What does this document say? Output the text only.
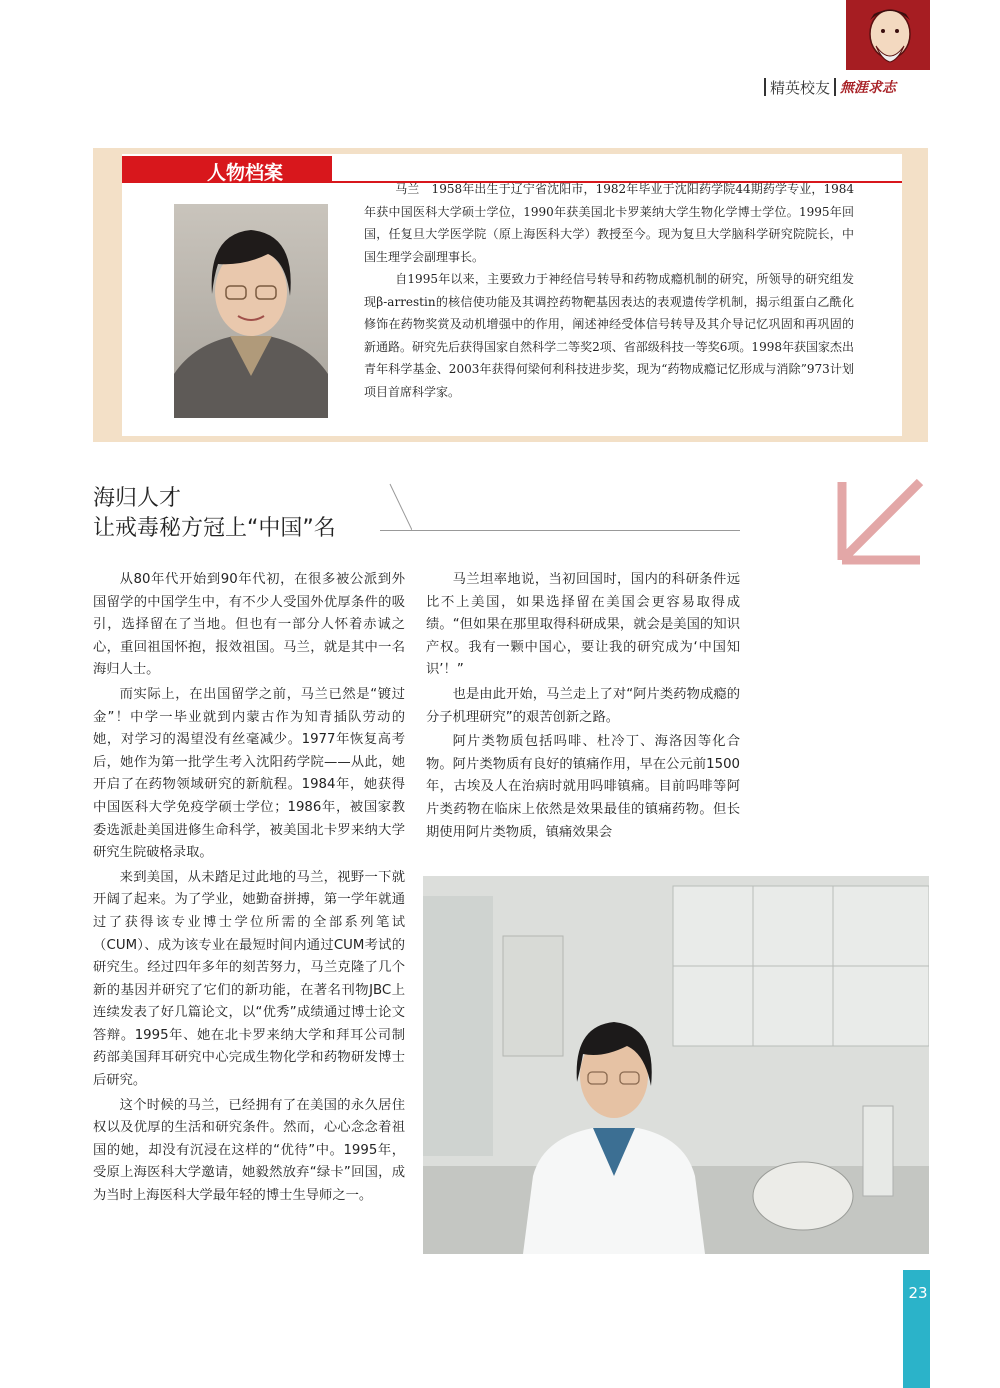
精英校友 無涯求志
人物档案

马兰　1958年出生于辽宁省沈阳市，1982年毕业于沈阳药学院44期药学专业，1984年获中国医科大学硕士学位，1990年获美国北卡罗莱纳大学生物化学博士学位。1995年回国，任复旦大学医学院（原上海医科大学）教授至今。现为复旦大学脑科学研究院院长，中国生理学会副理事长。

自1995年以来，主要致力于神经信号转导和药物成瘾机制的研究，所领导的研究组发现β-arrestin的核信使功能及其调控药物靶基因表达的表观遗传学机制，揭示组蛋白乙酰化修饰在药物奖赏及动机增强中的作用，阐述神经受体信号转导及其介导记忆巩固和再巩固的新通路。研究先后获得国家自然科学二等奖2项、省部级科技一等奖6项。1998年获国家杰出青年科学基金、2003年获得何梁何利科技进步奖，现为“药物成瘾记忆形成与消除”973计划项目首席科学家。

海归人才
让戒毒秘方冠上“中国”名

从80年代开始到90年代初，在很多被公派到外国留学的中国学生中，有不少人受国外优厚条件的吸引，选择留在了当地。但也有一部分人怀着赤诚之心，重回祖国怀抱，报效祖国。马兰，就是其中一名海归人士。

而实际上，在出国留学之前，马兰已然是“镀过金”！中学一毕业就到内蒙古作为知青插队劳动的她，对学习的渴望没有丝毫减少。1977年恢复高考后，她作为第一批学生考入沈阳药学院——从此，她开启了在药物领域研究的新航程。1984年，她获得中国医科大学免疫学硕士学位；1986年，被国家教委选派赴美国进修生命科学，被美国北卡罗来纳大学研究生院破格录取。

来到美国，从未踏足过此地的马兰，视野一下就开阔了起来。为了学业，她勤奋拼搏，第一学年就通过了获得该专业博士学位所需的全部系列笔试（CUM）、成为该专业在最短时间内通过CUM考试的研究生。经过四年多年的刻苦努力，马兰克隆了几个新的基因并研究了它们的新功能，在著名刊物JBC上连续发表了好几篇论文，以“优秀”成绩通过博士论文答辩。1995年、她在北卡罗来纳大学和拜耳公司制药部美国拜耳研究中心完成生物化学和药物研发博士后研究。

这个时候的马兰，已经拥有了在美国的永久居住权以及优厚的生活和研究条件。然而，心心念念着祖国的她，却没有沉浸在这样的“优待”中。1995年，受原上海医科大学邀请，她毅然放弃“绿卡”回国，成为当时上海医科大学最年轻的博士生导师之一。

马兰坦率地说，当初回国时，国内的科研条件远比不上美国，如果选择留在美国会更容易取得成绩。“但如果在那里取得科研成果，就会是美国的知识产权。我有一颗中国心，要让我的研究成为‘中国知识’！”

也是由此开始，马兰走上了对“阿片类药物成瘾的分子机理研究”的艰苦创新之路。

阿片类物质包括吗啡、杜冷丁、海洛因等化合物。阿片类物质有良好的镇痛作用，早在公元前1500年，古埃及人在治病时就用吗啡镇痛。目前吗啡等阿片类药物在临床上依然是效果最佳的镇痛药物。但长期使用阿片类物质，镇痛效果会

23
